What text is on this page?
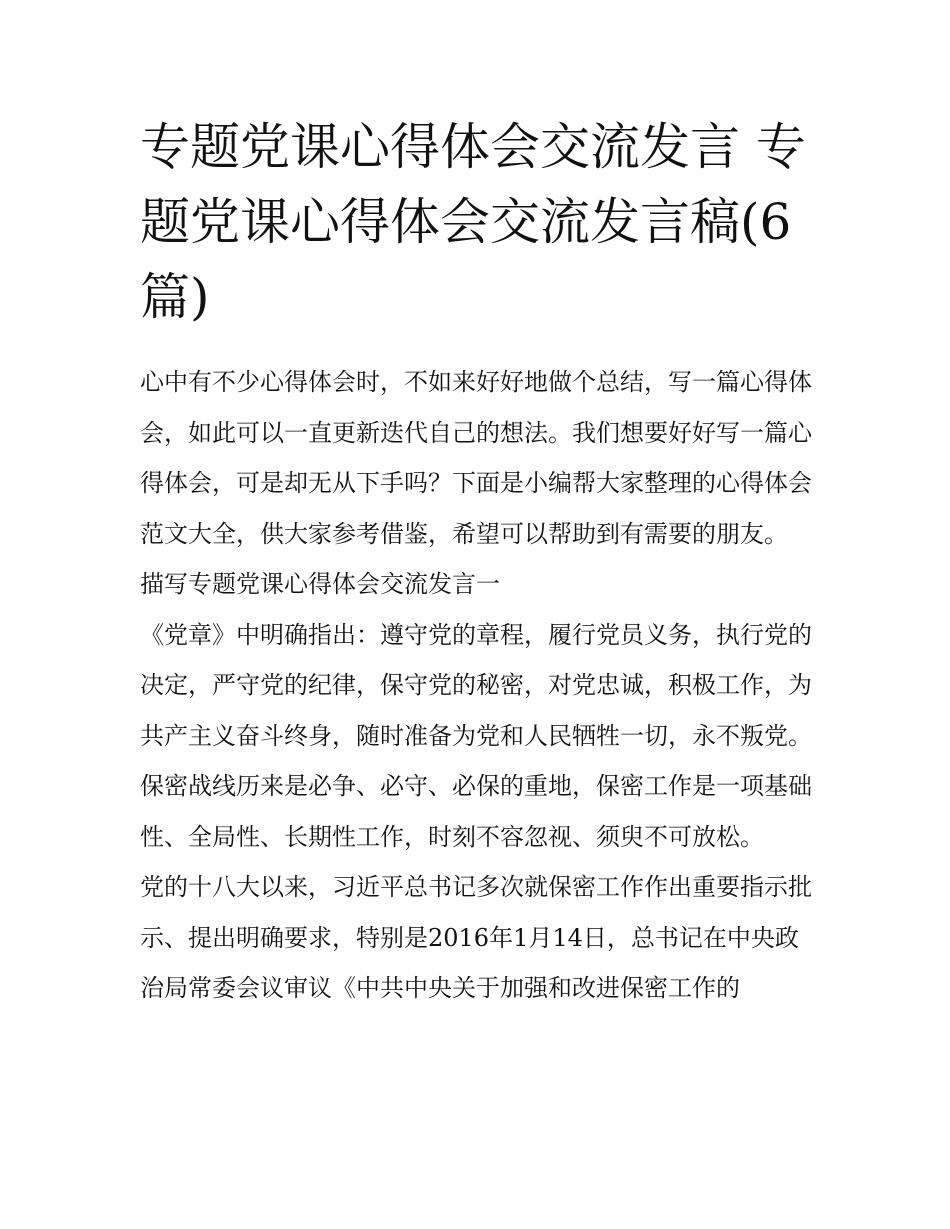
专题党课心得体会交流发言 专题党课心得体会交流发言稿(6篇)

心中有不少心得体会时，不如来好好地做个总结，写一篇心得体会，如此可以一直更新迭代自己的想法。我们想要好好写一篇心得体会，可是却无从下手吗？下面是小编帮大家整理的心得体会范文大全，供大家参考借鉴，希望可以帮助到有需要的朋友。

描写专题党课心得体会交流发言一

《党章》中明确指出：遵守党的章程，履行党员义务，执行党的决定，严守党的纪律，保守党的秘密，对党忠诚，积极工作，为共产主义奋斗终身，随时准备为党和人民牺牲一切，永不叛党。保密战线历来是必争、必守、必保的重地，保密工作是一项基础性、全局性、长期性工作，时刻不容忽视、须臾不可放松。

党的十八大以来，习近平总书记多次就保密工作作出重要指示批示、提出明确要求，特别是2016年1月14日，总书记在中央政治局常委会议审议《中共中央关于加强和改进保密工作的
